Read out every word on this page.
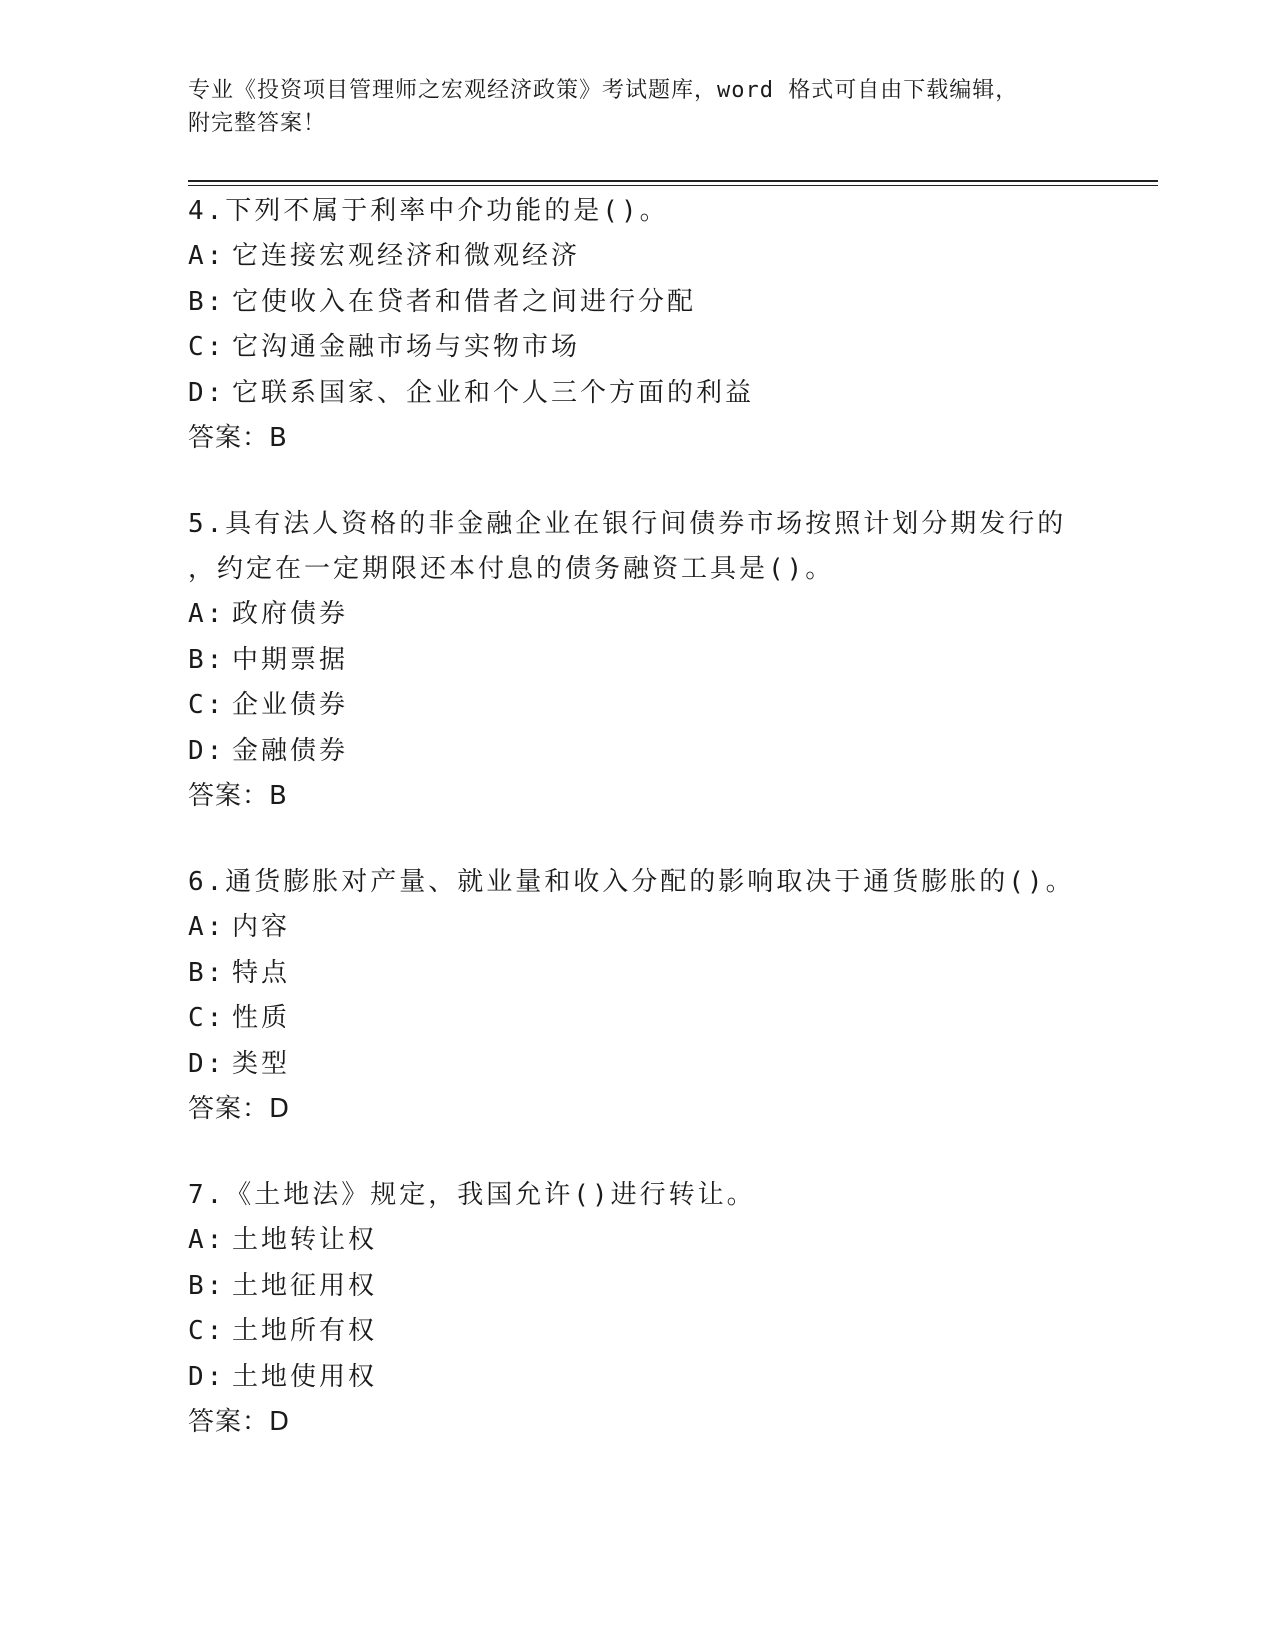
专业《投资项目管理师之宏观经济政策》考试题库，word 格式可自由下载编辑，
附完整答案！
4.下列不属于利率中介功能的是()。
A: 它连接宏观经济和微观经济
B: 它使收入在贷者和借者之间进行分配
C: 它沟通金融市场与实物市场
D: 它联系国家、企业和个人三个方面的利益
答案：B
5.具有法人资格的非金融企业在银行间债券市场按照计划分期发行的
，约定在一定期限还本付息的债务融资工具是()。
A: 政府债券
B: 中期票据
C: 企业债券
D: 金融债券
答案：B
6.通货膨胀对产量、就业量和收入分配的影响取决于通货膨胀的()。
A: 内容
B: 特点
C: 性质
D: 类型
答案：D
7.《土地法》规定，我国允许()进行转让。
A: 土地转让权
B: 土地征用权
C: 土地所有权
D: 土地使用权
答案：D
